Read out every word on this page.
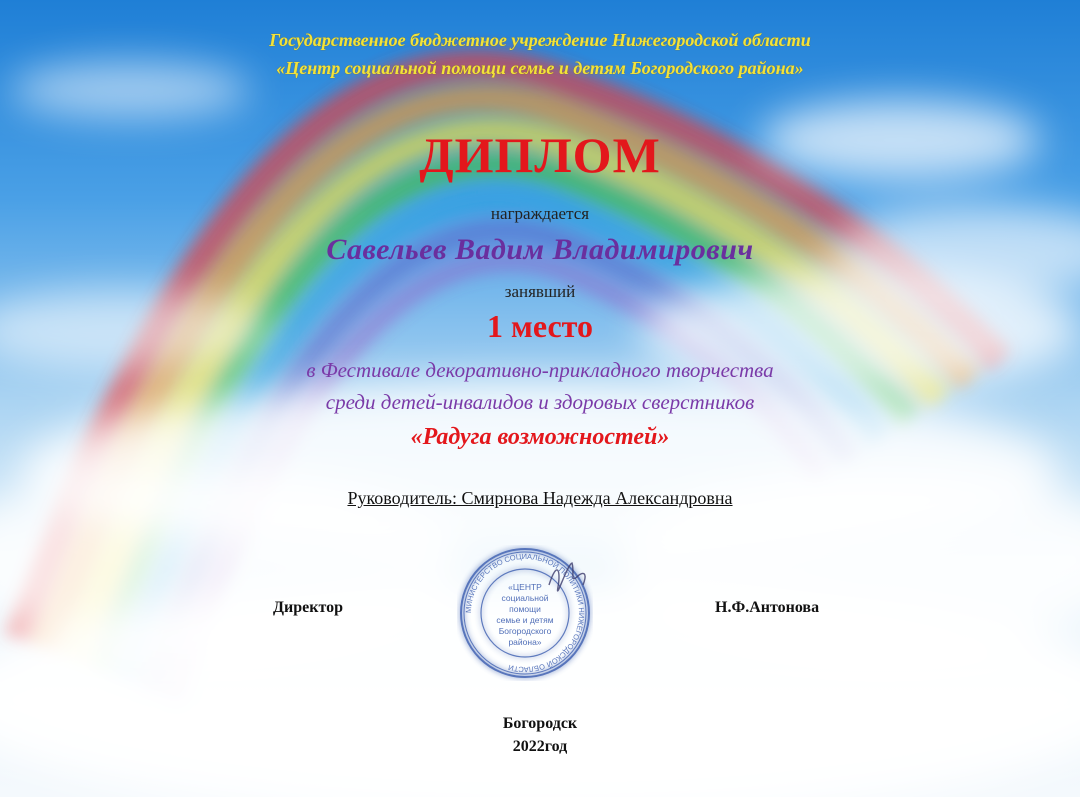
Государственное бюджетное учреждение Нижегородской области
«Центр социальной помощи семье и детям Богородского района»
ДИПЛОМ
награждается
Савельев Вадим Владимирович
занявший
1 место
в Фестивале декоративно-прикладного творчества
среди детей-инвалидов и здоровых сверстников
«Радуга возможностей»
Руководитель: Смирнова Надежда Александровна
Директор	Н.Ф.Антонова
МИНИСТЕРСТВО СОЦИАЛЬНОЙ ПОЛИТИКИ НИЖЕГОРОДСКОЙ ОБЛАСТИ
«ЦЕНТР
социальной
помощи
семье и детям
Богородского
района»
Богородск
2022год
